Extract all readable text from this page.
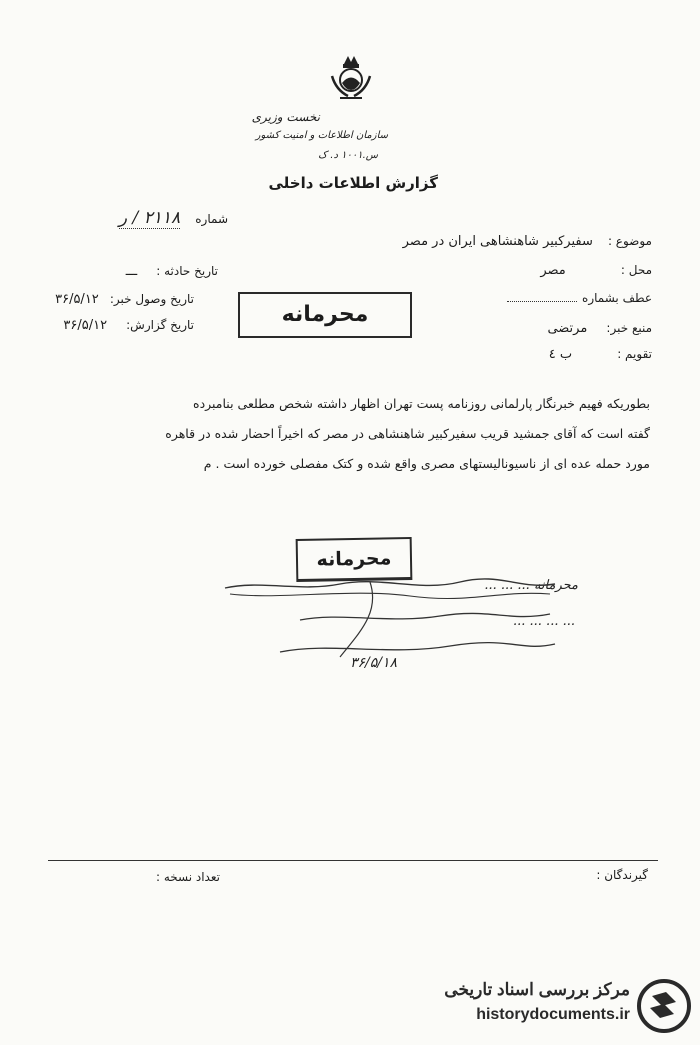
نخست وزیری
سازمان اطلاعات و امنیت کشور
س.١٠٠١ د. ک
گزارش اطلاعات داخلی
موضوع : سفیرکبیر شاهنشاهی ایران در مصر
محل : مصر
عطف بشماره
منبع خبر: مرتضی
تقویم : ب ٤
شماره ۲۱۱۸ / ر
تاریخ حادثه : ـــ
تاریخ وصول خبر: ۳۶/۵/۱۲
تاریخ گزارش: ۳۶/۵/۱۲	محرمانه
بطوریکه فهیم خبرنگار پارلمانی روزنامه پست تهران اظهار داشته شخص مطلعی بنامبرده
گفته است که آقای جمشید قریب سفیرکبیر شاهنشاهی در مصر که اخیراً احضار شده در قاهره
مورد حمله عده ای از ناسیونالیستهای مصری واقع شده و کتک مفصلی خورده است . م
محرمانه
محرمانه ... ... ...
... ... ... ...
۳۶/۵/۱۸
گیرندگان :
تعداد نسخه :
مرکز بررسی اسناد تاریخی
historydocuments.ir
